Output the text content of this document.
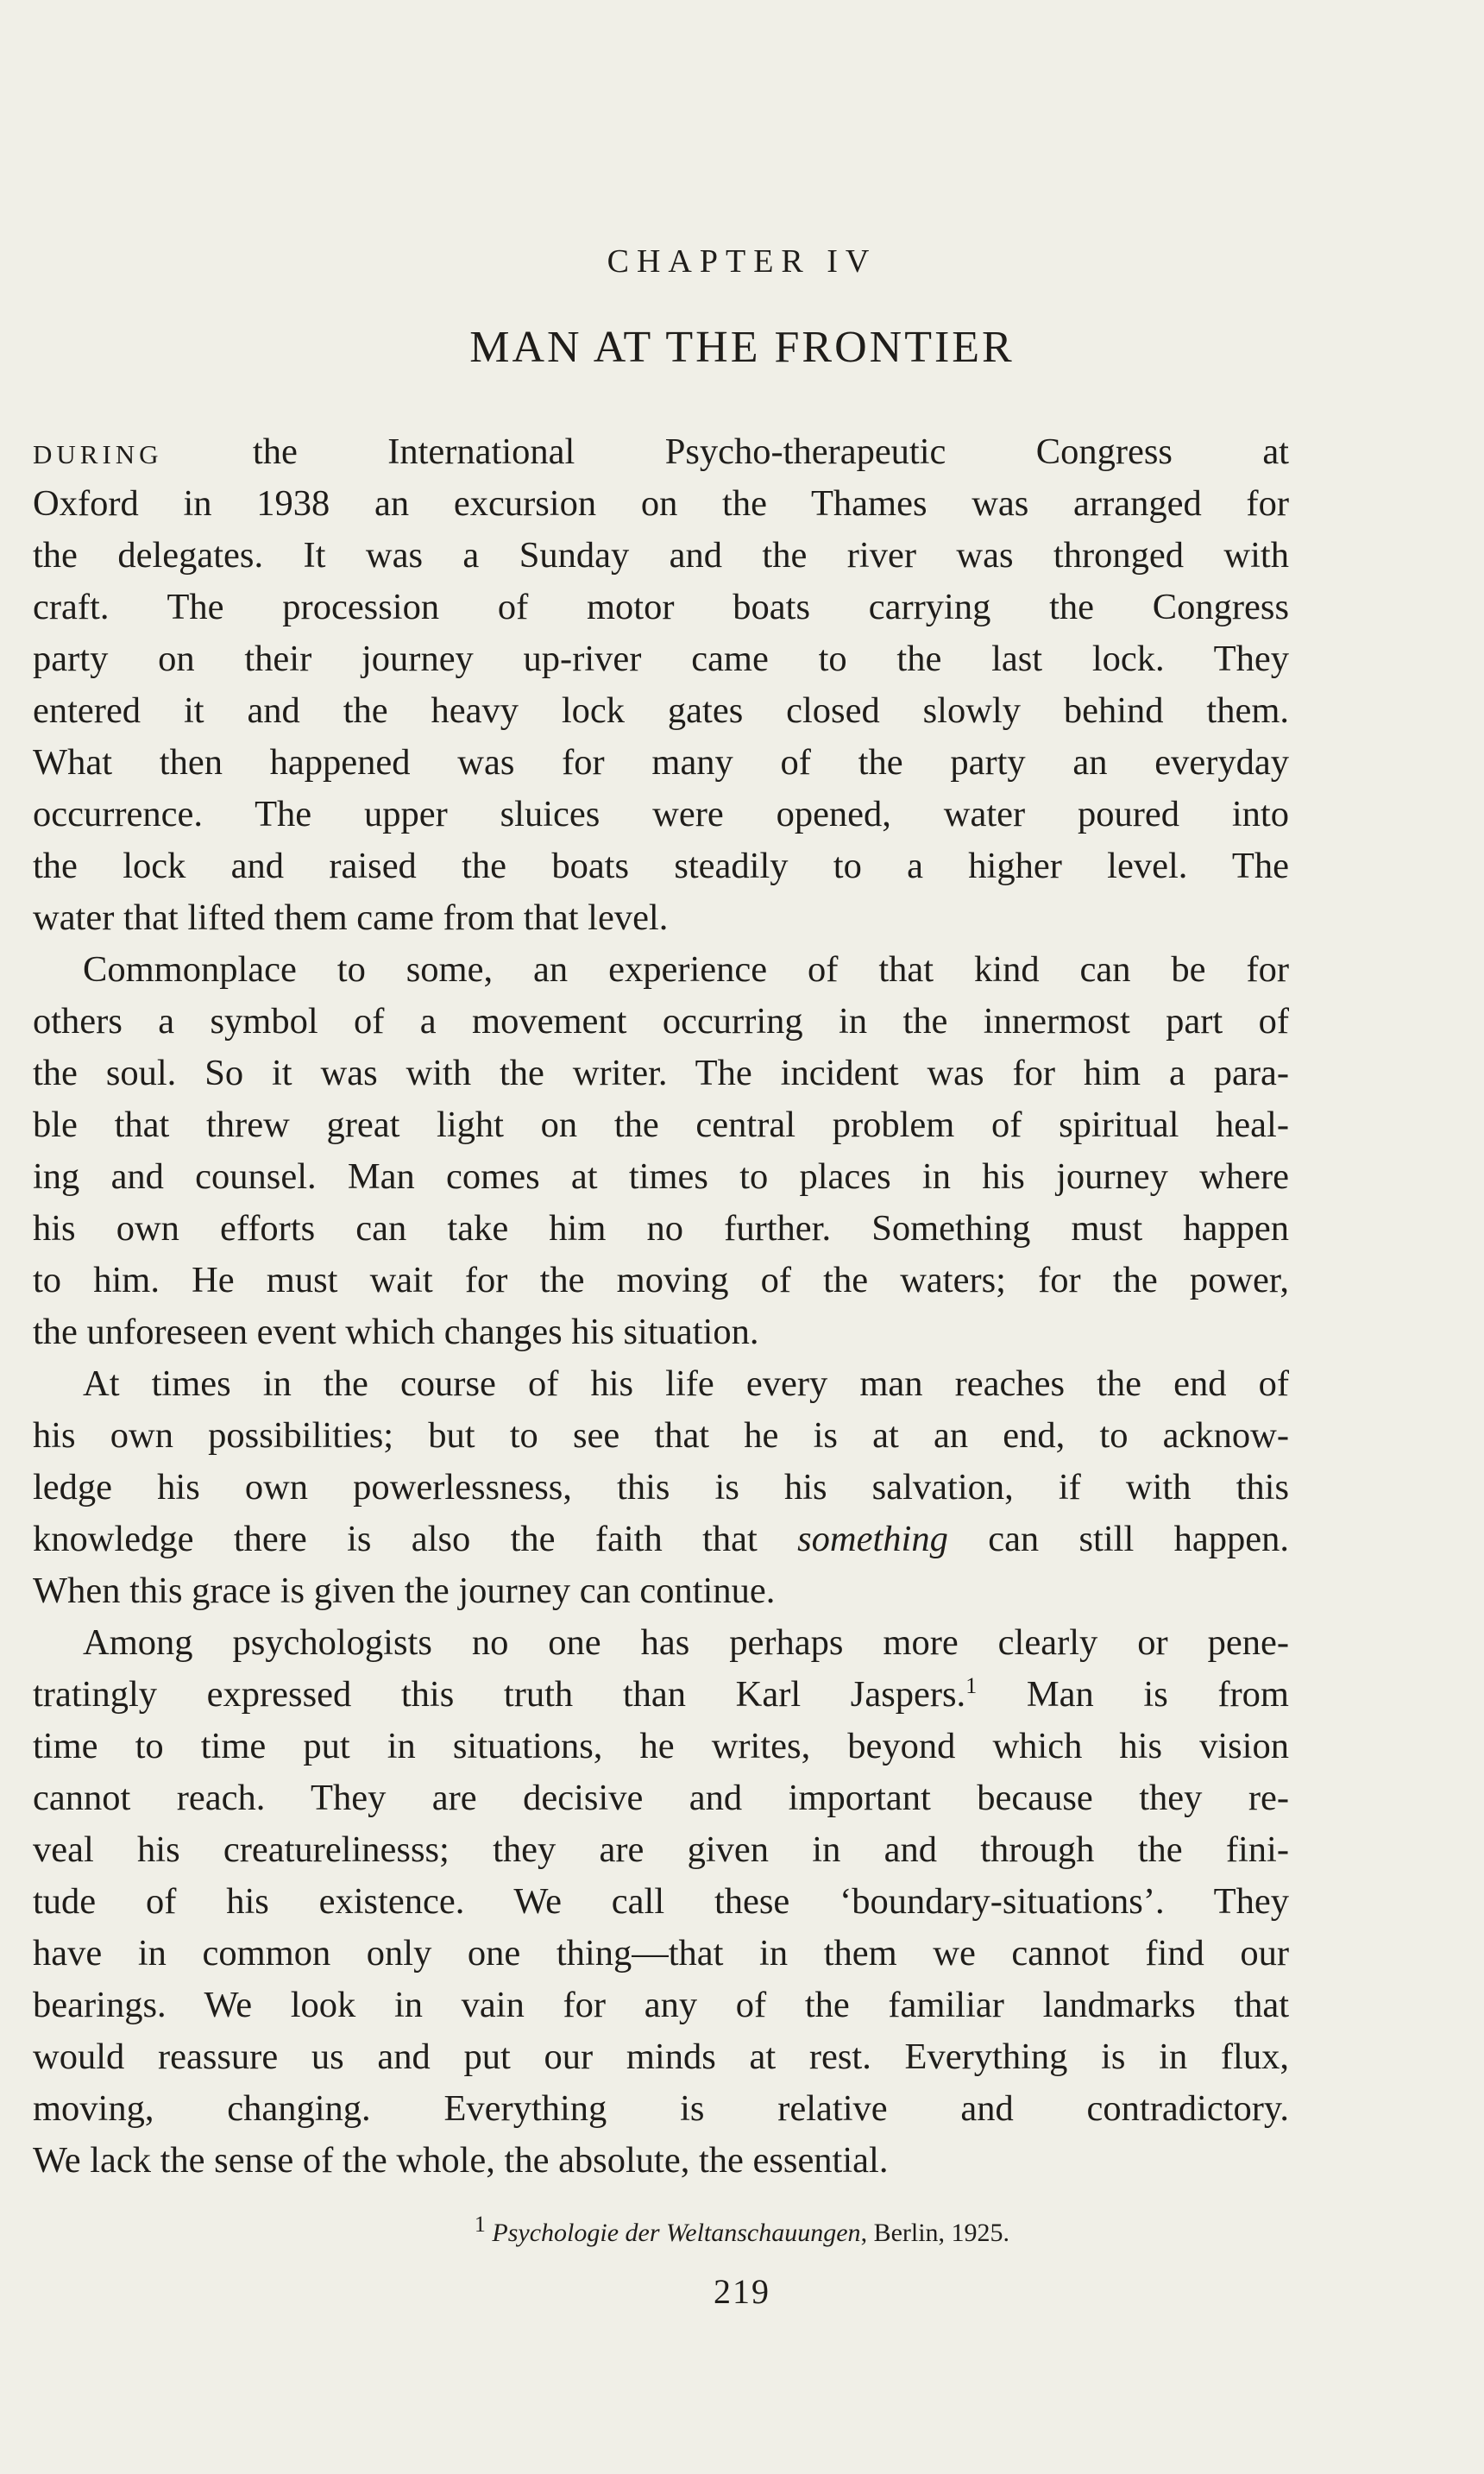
CHAPTER IV
MAN AT THE FRONTIER
DURING the International Psycho-therapeutic Congress at
Oxford in 1938 an excursion on the Thames was arranged for
the delegates. It was a Sunday and the river was thronged with
craft. The procession of motor boats carrying the Congress
party on their journey up-river came to the last lock. They
entered it and the heavy lock gates closed slowly behind them.
What then happened was for many of the party an everyday
occurrence. The upper sluices were opened, water poured into
the lock and raised the boats steadily to a higher level. The
water that lifted them came from that level.
Commonplace to some, an experience of that kind can be for
others a symbol of a movement occurring in the innermost part of
the soul. So it was with the writer. The incident was for him a para-
ble that threw great light on the central problem of spiritual heal-
ing and counsel. Man comes at times to places in his journey where
his own efforts can take him no further. Something must happen
to him. He must wait for the moving of the waters; for the power,
the unforeseen event which changes his situation.
At times in the course of his life every man reaches the end of
his own possibilities; but to see that he is at an end, to acknow-
ledge his own powerlessness, this is his salvation, if with this
knowledge there is also the faith that something can still happen.
When this grace is given the journey can continue.
Among psychologists no one has perhaps more clearly or pene-
tratingly expressed this truth than Karl Jaspers.$^1$ Man is from
time to time put in situations, he writes, beyond which his vision
cannot reach. They are decisive and important because they re-
veal his creaturelinesss; they are given in and through the fini-
tude of his existence. We call these ‘boundary-situations’. They
have in common only one thing—that in them we cannot find our
bearings. We look in vain for any of the familiar landmarks that
would reassure us and put our minds at rest. Everything is in flux,
moving, changing. Everything is relative and contradictory.
We lack the sense of the whole, the absolute, the essential.
$^1$ Psychologie der Weltanschauungen, Berlin, 1925.
219
